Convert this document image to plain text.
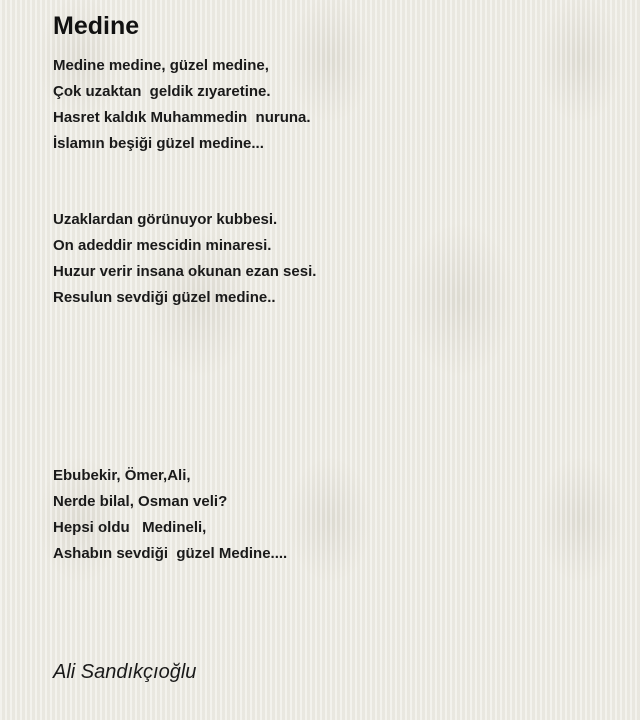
Medine
Medine medine, güzel medine,
Çok uzaktan  geldik zıyaretine.
Hasret kaldık Muhammedin  nuruna.
İslamın beşiği güzel medine...
Uzaklardan görünuyor kubbesi.
On adeddir mescidin minaresi.
Huzur verir insana okunan ezan sesi.
Resulun sevdiği güzel medine..
Ebubekir, Ömer,Ali,
Nerde bilal, Osman veli?
Hepsi oldu   Medineli,
Ashabın sevdiği  güzel Medine....

Ali Sandıkçıoğlu
